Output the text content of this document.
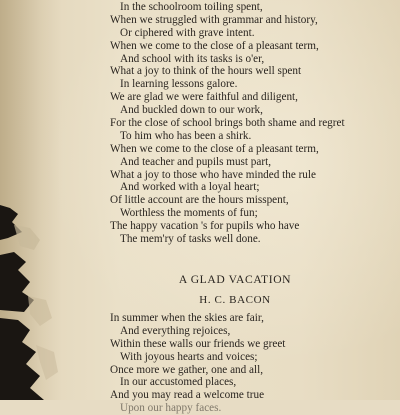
In the schoolroom toiling spent,
When we struggled with grammar and history,
Or ciphered with grave intent.
When we come to the close of a pleasant term,
And school with its tasks is o'er,
What a joy to think of the hours well spent
In learning lessons galore.
We are glad we were faithful and diligent,
And buckled down to our work,
For the close of school brings both shame and regret
To him who has been a shirk.
When we come to the close of a pleasant term,
And teacher and pupils must part,
What a joy to those who have minded the rule
And worked with a loyal heart;
Of little account are the hours misspent,
Worthless the moments of fun;
The happy vacation 's for pupils who have
The mem'ry of tasks well done.
A GLAD VACATION
H. C. BACON
In summer when the skies are fair,
And everything rejoices,
Within these walls our friends we greet
With joyous hearts and voices;
Once more we gather, one and all,
In our accustomed places,
And you may read a welcome true
Upon our happy faces.
